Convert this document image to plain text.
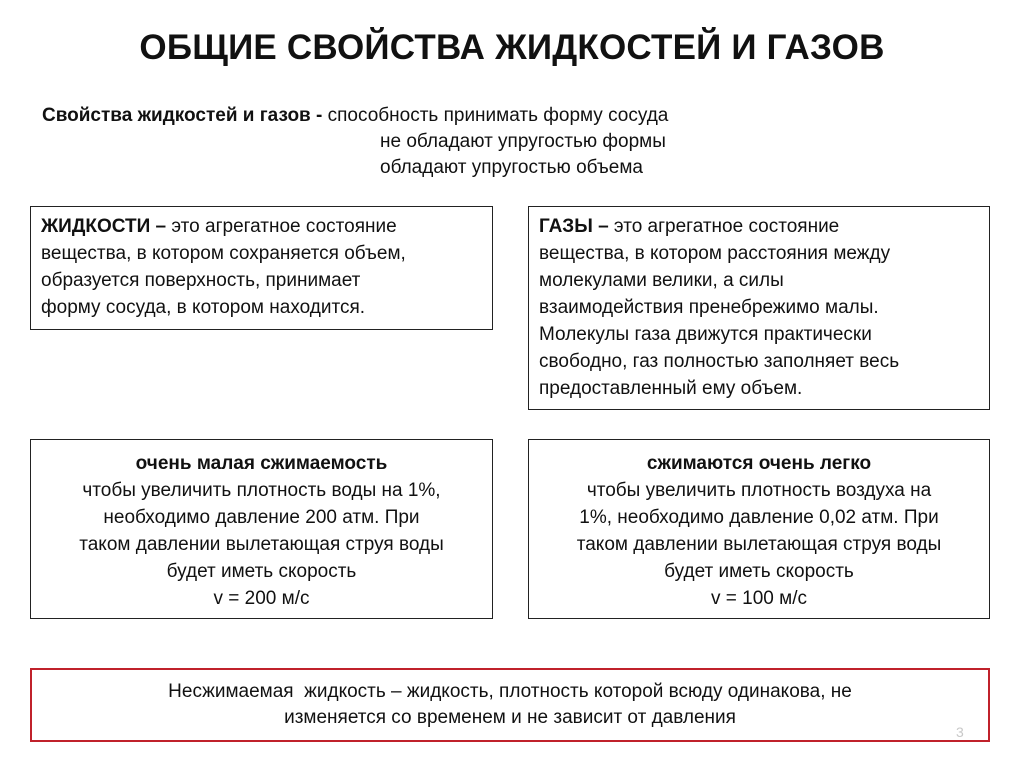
ОБЩИЕ СВОЙСТВА ЖИДКОСТЕЙ И ГАЗОВ
Свойства жидкостей и газов - способность принимать форму сосуда
не обладают упругостью формы
обладают упругостью объема
ЖИДКОСТИ – это агрегатное состояние
вещества, в котором сохраняется объем,
образуется поверхность, принимает
форму сосуда, в котором находится.
ГАЗЫ – это агрегатное состояние
вещества, в котором расстояния между
молекулами велики, а силы
взаимодействия пренебрежимо малы.
Молекулы газа движутся практически
свободно, газ полностью заполняет весь
предоставленный ему объем.
очень малая сжимаемость
чтобы увеличить плотность воды на 1%,
необходимо давление 200 атм. При
таком давлении вылетающая струя воды
будет иметь скорость
v = 200 м/с
сжимаются очень легко
чтобы увеличить плотность воздуха на
1%, необходимо давление 0,02 атм. При
таком давлении вылетающая струя воды
будет иметь скорость
v = 100 м/с
Несжимаемая  жидкость – жидкость, плотность которой всюду одинакова, не
изменяется со временем и не зависит от давления
3
